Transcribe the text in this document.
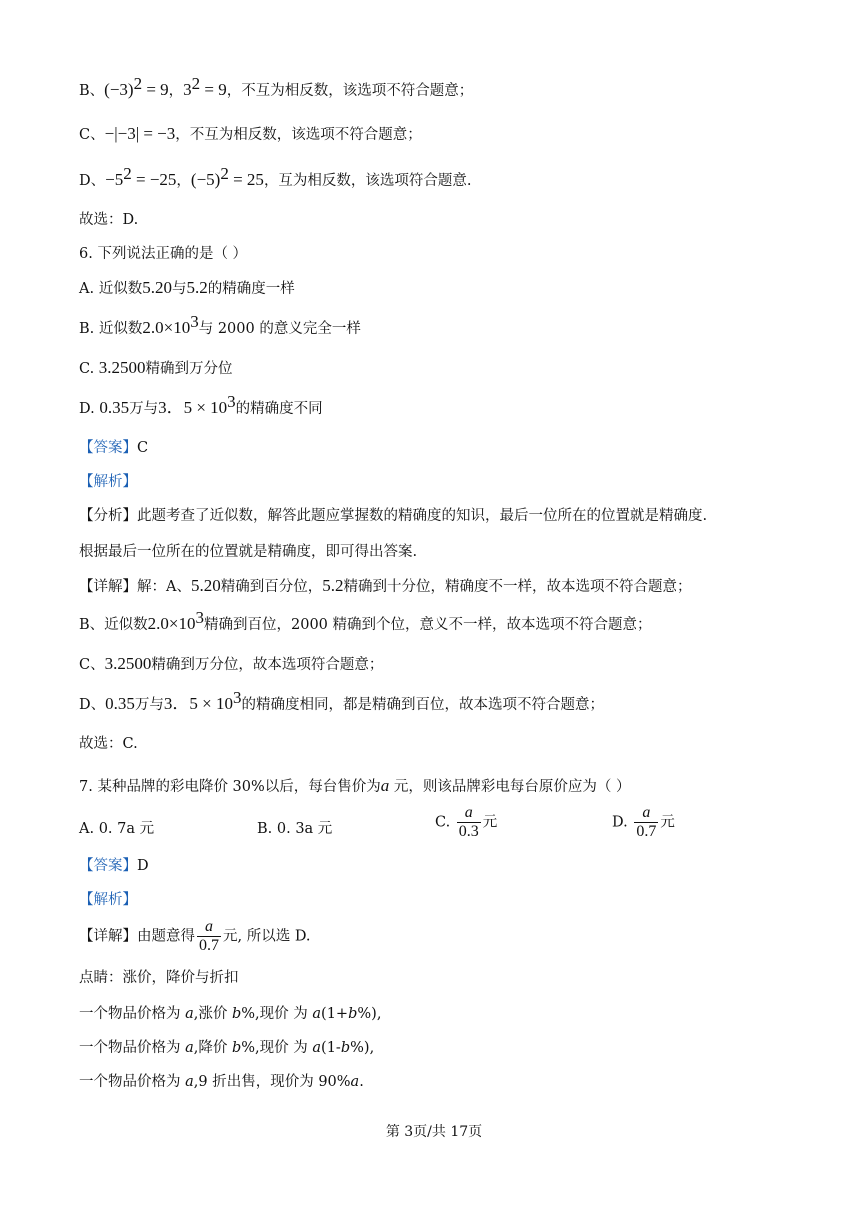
B、$(-3)^2 = 9$，$3^2 = 9$，不互为相反数，该选项不符合题意；
C、−|−3| = −3，不互为相反数，该选项不符合题意；
D、$-5^2 = -25$，$(-5)^2 = 25$，互为相反数，该选项符合题意.
故选：D.
6. 下列说法正确的是（ ）
A. 近似数5.20与5.2的精确度一样
B. 近似数$2.0\times 10^3$与 2000 的意义完全一样
C. 3.2500精确到万分位
D. 0.35万与3．$5 \times 10^3$的精确度不同
【答案】C
【解析】
【分析】此题考查了近似数，解答此题应掌握数的精确度的知识，最后一位所在的位置就是精确度.
根据最后一位所在的位置就是精确度，即可得出答案.
【详解】解：A、5.20精确到百分位，5.2精确到十分位，精确度不一样，故本选项不符合题意；
B、近似数$2.0\times 10^3$精确到百位，2000 精确到个位，意义不一样，故本选项不符合题意；
C、3.2500精确到万分位，故本选项符合题意；
D、0.35万与3．$5 \times 10^3$的精确度相同，都是精确到百位，故本选项不符合题意；
故选：C.
7. 某种品牌的彩电降价 30%以后，每台售价为a 元，则该品牌彩电每台原价应为（ ）
A. 0. 7a 元	B. 0. 3a 元	C. $\frac{a}{0.3}$ 元	D. $\frac{a}{0.7}$ 元
【答案】D
【解析】
【详解】由题意得 $\frac{a}{0.7}$ 元, 所以选 D.
点睛：涨价，降价与折扣
一个物品价格为 a,涨价 b%,现价 为 a(1+b%),
一个物品价格为 a,降价 b%,现价 为 a(1-b%),
一个物品价格为 a,9 折出售，现价为 90%a.
第 3页/共 17页
